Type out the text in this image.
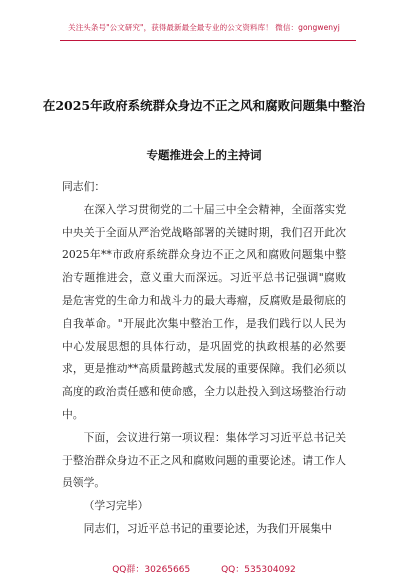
关注头条号"公文研究"，获得最新最全最专业的公文资料库！ 微信：gongwenyj
在2025年政府系统群众身边不正之风和腐败问题集中整治
专题推进会上的主持词

同志们：

在深入学习贯彻党的二十届三中全会精神，全面落实党中央关于全面从严治党战略部署的关键时期，我们召开此次2025年**市政府系统群众身边不正之风和腐败问题集中整治专题推进会，意义重大而深远。习近平总书记强调"腐败是危害党的生命力和战斗力的最大毒瘤，反腐败是最彻底的自我革命。"开展此次集中整治工作，是我们践行以人民为中心发展思想的具体行动，是巩固党的执政根基的必然要求，更是推动**高质量跨越式发展的重要保障。我们必须以高度的政治责任感和使命感，全力以赴投入到这场整治行动中。

下面，会议进行第一项议程：集体学习习近平总书记关于整治群众身边不正之风和腐败问题的重要论述。请工作人员领学。

（学习完毕）

同志们，习近平总书记的重要论述，为我们开展集中

QQ群：30265665	QQ：535304092
